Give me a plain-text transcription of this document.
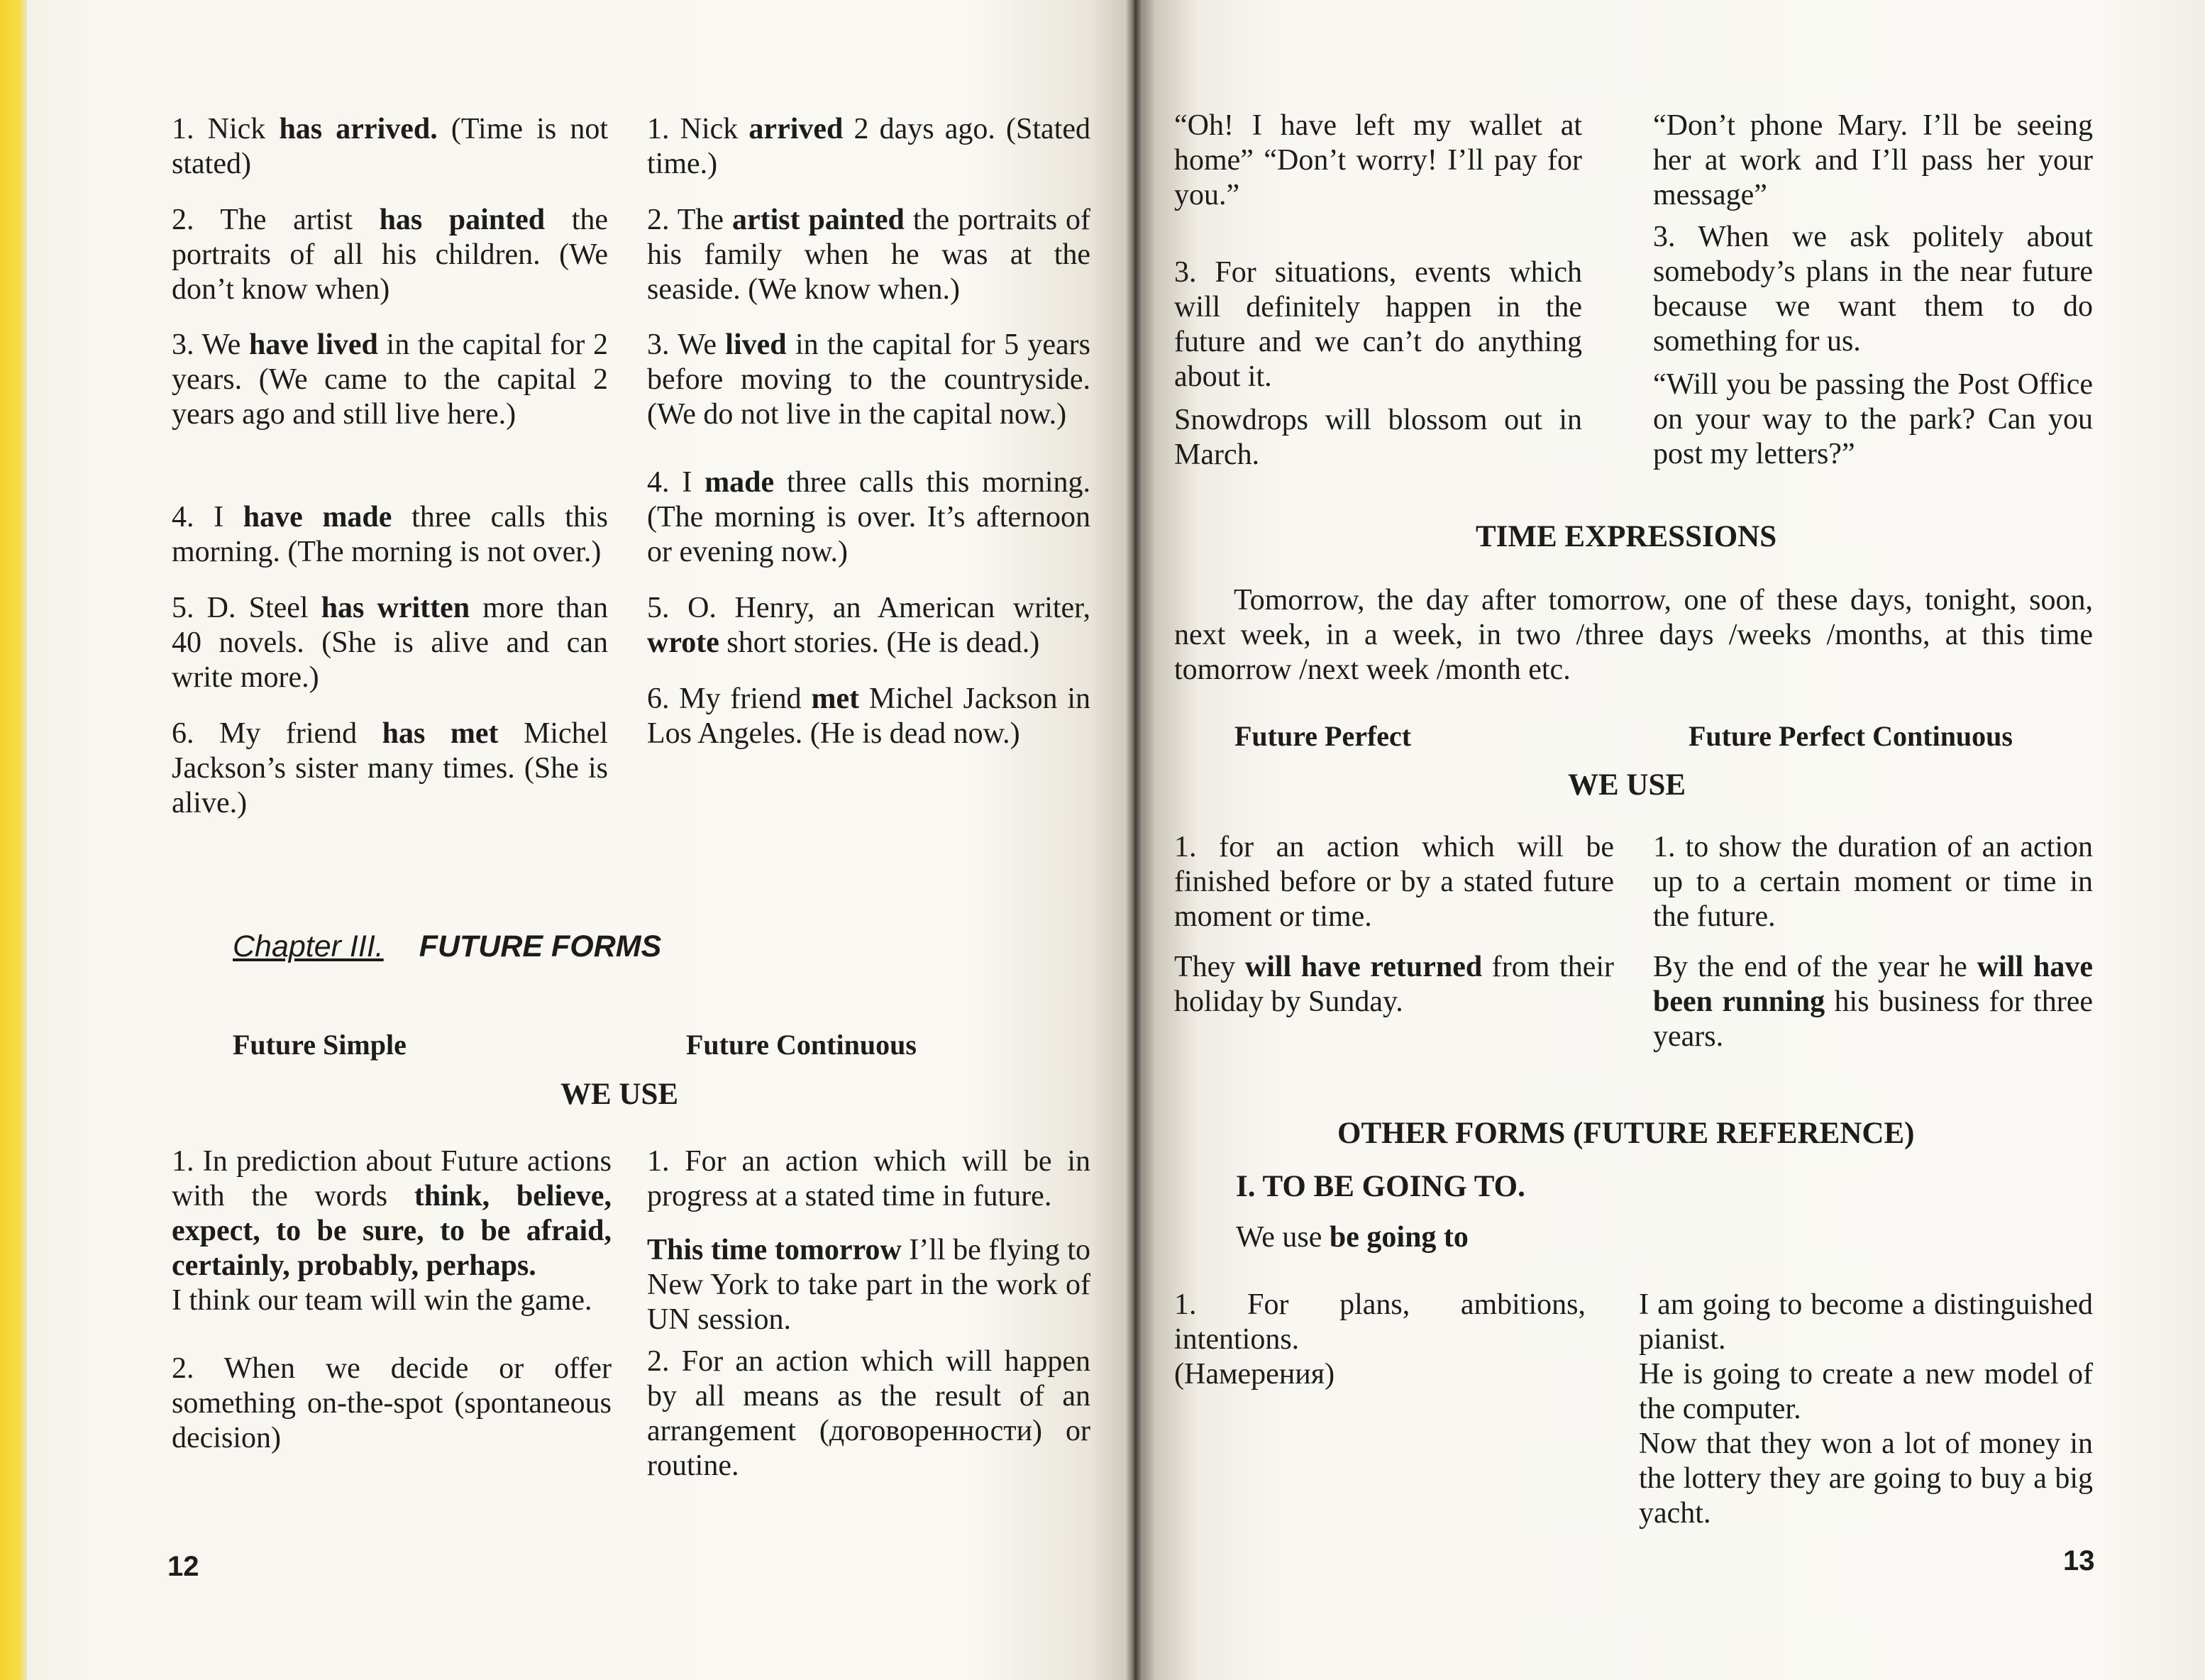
1. Nick has arrived. (Time is not stated)

2. The artist has painted the portraits of all his children. (We don’t know when)

3. We have lived in the capital for 2 years. (We came to the capital 2 years ago and still live here.)

4. I have made three calls this morning. (The morning is not over.)

5. D. Steel has written more than 40 novels. (She is alive and can write more.)

6. My friend has met Michel Jackson’s sister many times. (She is alive.)

1. Nick arrived 2 days ago. (Stated time.)

2. The artist painted the portraits of his family when he was at the seaside. (We know when.)

3. We lived in the capital for 5 years before moving to the countryside. (We do not live in the capital now.)

4. I made three calls this morning. (The morning is over. It’s afternoon or evening now.)

5. O. Henry, an American writer, wrote short stories. (He is dead.)

6. My friend met Michel Jackson in Los Angeles. (He is dead now.)

Chapter III. FUTURE FORMS
Future Simple	Future Continuous
WE USE

1. In prediction about Future actions with the words think, believe, expect, to be sure, to be afraid, certainly, probably, perhaps.

I think our team will win the game.

2. When we decide or offer something on-the-spot (spontaneous decision)

1. For an action which will be in progress at a stated time in future.

This time tomorrow I’ll be flying to New York to take part in the work of UN session.

2. For an action which will happen by all means as the result of an arrangement (договоренности) or routine.

12

“Oh! I have left my wallet at home” “Don’t worry! I’ll pay for you.”

3. For situations, events which will definitely happen in the future and we can’t do anything about it.

Snowdrops will blossom out in March.

“Don’t phone Mary. I’ll be seeing her at work and I’ll pass her your message”

3. When we ask politely about somebody’s plans in the near future because we want them to do something for us.

“Will you be passing the Post Office on your way to the park? Can you post my letters?”

TIME EXPRESSIONS

Tomorrow, the day after tomorrow, one of these days, tonight, soon, next week, in a week, in two /three days /weeks /months, at this time tomorrow /next week /month etc.

Future Perfect	Future Perfect Continuous
WE USE

1. for an action which will be finished before or by a stated future moment or time.

They will have returned from their holiday by Sunday.

1. to show the duration of an action up to a certain moment or time in the future.

By the end of the year he will have been running his business for three years.

OTHER FORMS (FUTURE REFERENCE)
I. TO BE GOING TO.
We use be going to

1. For plans, ambitions, intentions.

(Намерения)

I am going to become a distinguished pianist.

He is going to create a new model of the computer.

Now that they won a lot of money in the lottery they are going to buy a big yacht.

13
